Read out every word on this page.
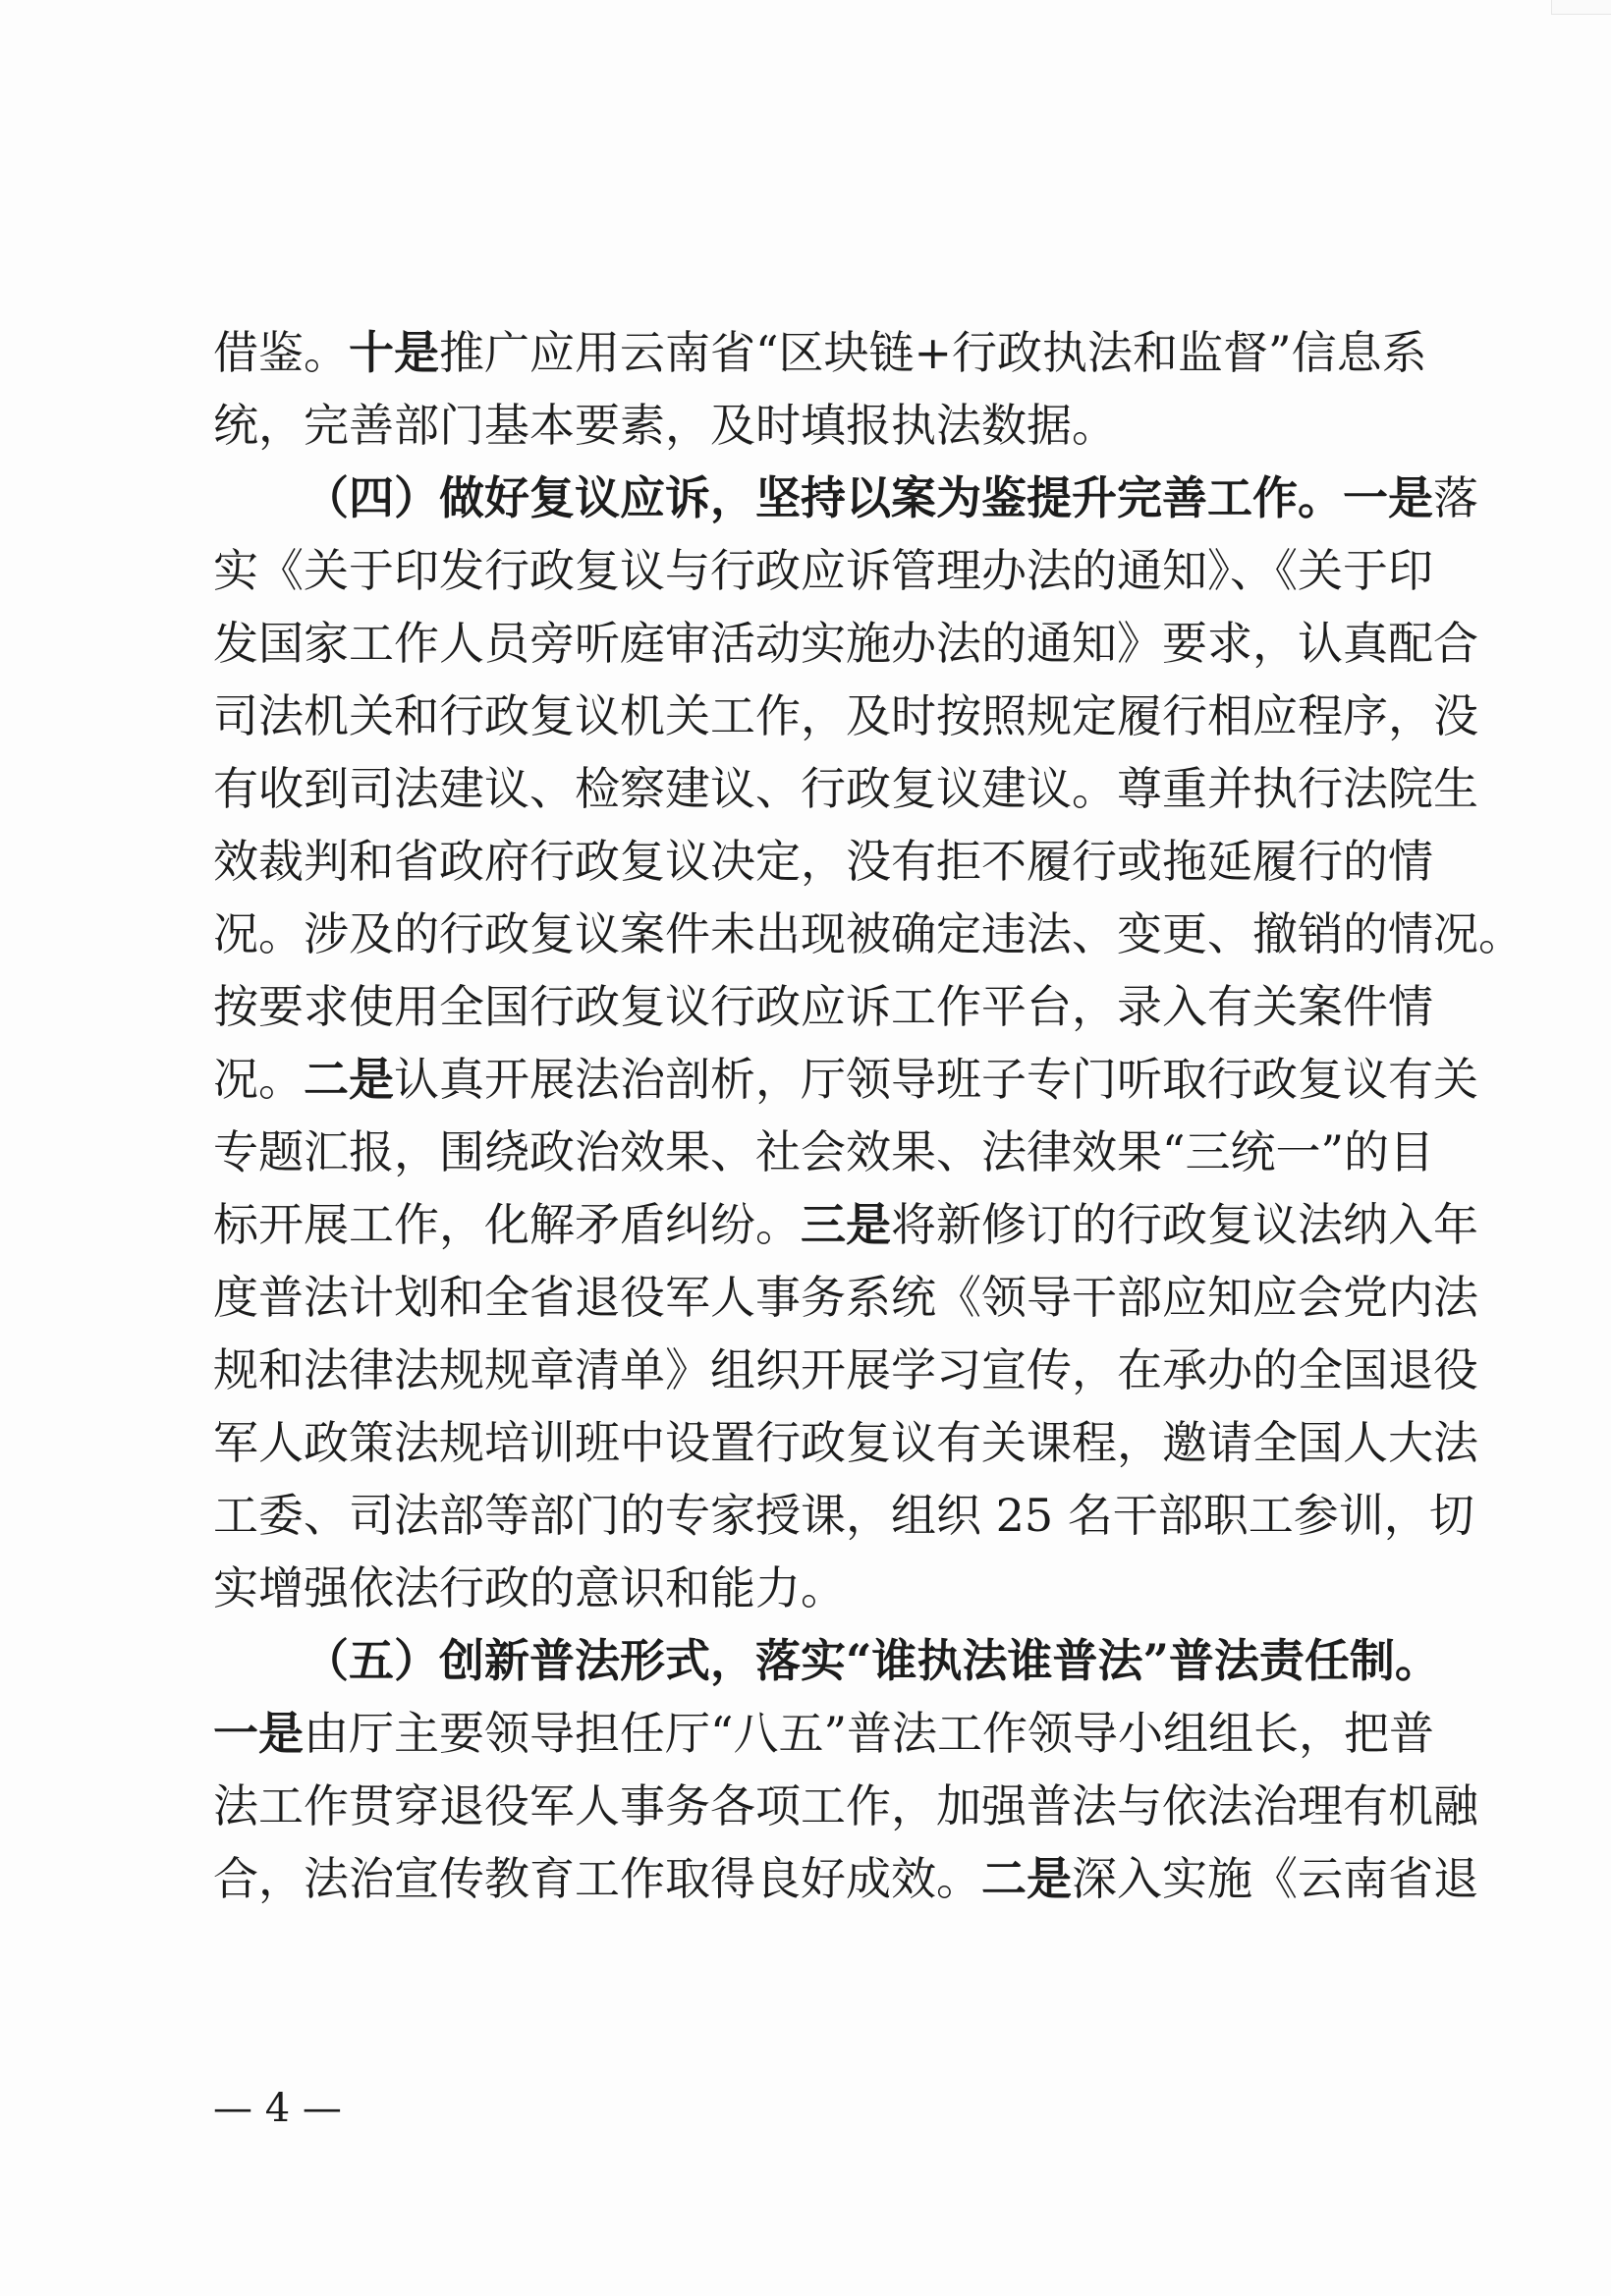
借鉴。十是推广应用云南省“区块链+行政执法和监督”信息系
统，完善部门基本要素，及时填报执法数据。
（四）做好复议应诉，坚持以案为鉴提升完善工作。一是落
实《关于印发行政复议与行政应诉管理办法的通知》、《关于印
发国家工作人员旁听庭审活动实施办法的通知》要求，认真配合
司法机关和行政复议机关工作，及时按照规定履行相应程序，没
有收到司法建议、检察建议、行政复议建议。尊重并执行法院生
效裁判和省政府行政复议决定，没有拒不履行或拖延履行的情
况。涉及的行政复议案件未出现被确定违法、变更、撤销的情况。
按要求使用全国行政复议行政应诉工作平台，录入有关案件情
况。二是认真开展法治剖析，厅领导班子专门听取行政复议有关
专题汇报，围绕政治效果、社会效果、法律效果“三统一”的目
标开展工作，化解矛盾纠纷。三是将新修订的行政复议法纳入年
度普法计划和全省退役军人事务系统《领导干部应知应会党内法
规和法律法规规章清单》组织开展学习宣传，在承办的全国退役
军人政策法规培训班中设置行政复议有关课程，邀请全国人大法
工委、司法部等部门的专家授课，组织 25 名干部职工参训，切
实增强依法行政的意识和能力。
（五）创新普法形式，落实“谁执法谁普法”普法责任制。
一是由厅主要领导担任厅“八五”普法工作领导小组组长，把普
法工作贯穿退役军人事务各项工作，加强普法与依法治理有机融
合，法治宣传教育工作取得良好成效。二是深入实施《云南省退
— 4 —
